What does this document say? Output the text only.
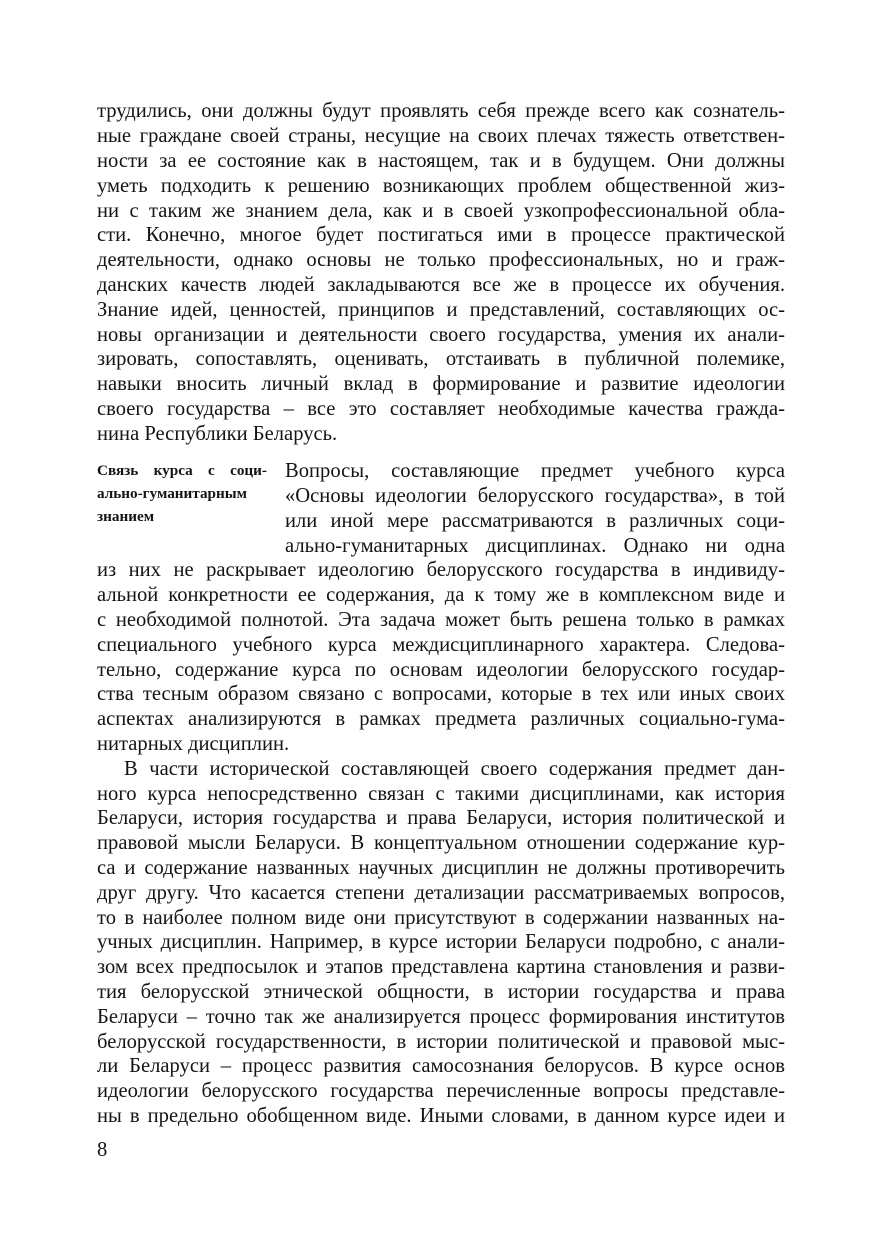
трудились, они должны будут проявлять себя прежде всего как сознатель-
ные граждане своей страны, несущие на своих плечах тяжесть ответствен-
ности за ее состояние как в настоящем, так и в будущем. Они должны
уметь подходить к решению возникающих проблем общественной жиз-
ни с таким же знанием дела, как и в своей узкопрофессиональной обла-
сти. Конечно, многое будет постигаться ими в процессе практической
деятельности, однако основы не только профессиональных, но и граж-
данских качеств людей закладываются все же в процессе их обучения.
Знание идей, ценностей, принципов и представлений, составляющих ос-
новы организации и деятельности своего государства, умения их анали-
зировать, сопоставлять, оценивать, отстаивать в публичной полемике,
навыки вносить личный вклад в формирование и развитие идеологии
своего государства – все это составляет необходимые качества гражда-
нина Республики Беларусь.
Связь курса с соци-
ально-гуманитарным
знанием
Вопросы, составляющие предмет учебного курса
«Основы идеологии белорусского государства», в той
или иной мере рассматриваются в различных соци-
ально-гуманитарных дисциплинах. Однако ни одна
из них не раскрывает идеологию белорусского государства в индивиду-
альной конкретности ее содержания, да к тому же в комплексном виде и
с необходимой полнотой. Эта задача может быть решена только в рамках
специального учебного курса междисциплинарного характера. Следова-
тельно, содержание курса по основам идеологии белорусского государ-
ства тесным образом связано с вопросами, которые в тех или иных своих
аспектах анализируются в рамках предмета различных социально-гума-
нитарных дисциплин.
В части исторической составляющей своего содержания предмет дан-
ного курса непосредственно связан с такими дисциплинами, как история
Беларуси, история государства и права Беларуси, история политической и
правовой мысли Беларуси. В концептуальном отношении содержание кур-
са и содержание названных научных дисциплин не должны противоречить
друг другу. Что касается степени детализации рассматриваемых вопросов,
то в наиболее полном виде они присутствуют в содержании названных на-
учных дисциплин. Например, в курсе истории Беларуси подробно, с анали-
зом всех предпосылок и этапов представлена картина становления и разви-
тия белорусской этнической общности, в истории государства и права
Беларуси – точно так же анализируется процесс формирования институтов
белорусской государственности, в истории политической и правовой мыс-
ли Беларуси – процесс развития самосознания белорусов. В курсе основ
идеологии белорусского государства перечисленные вопросы представле-
ны в предельно обобщенном виде. Иными словами, в данном курсе идеи и
8
